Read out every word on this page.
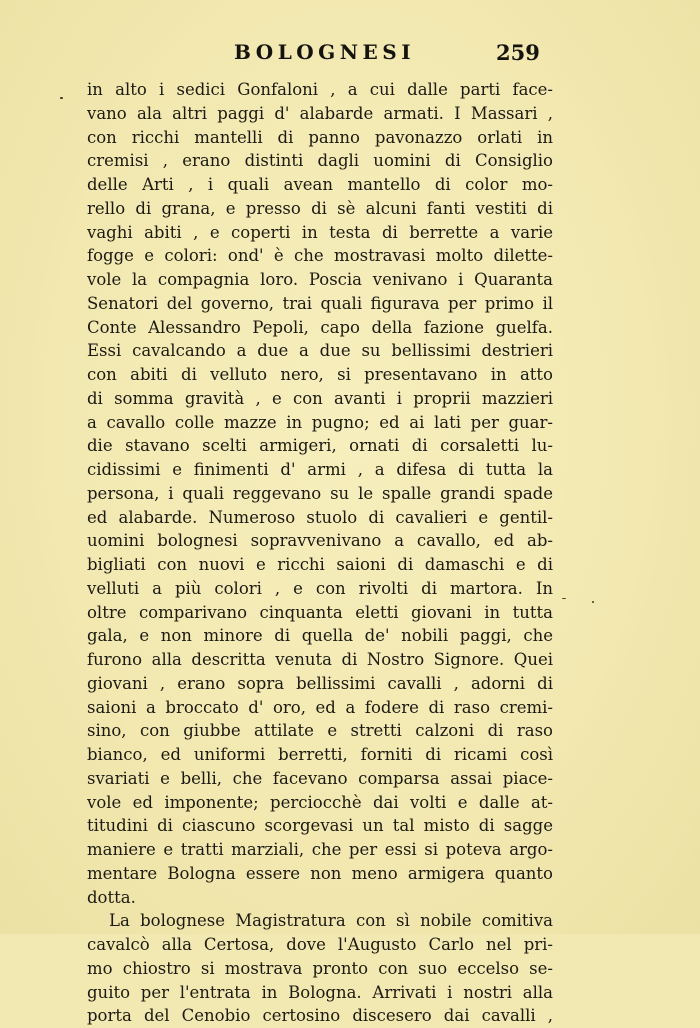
BOLOGNESI	259
in alto i sedici Gonfaloni , a cui dalle parti face-
vano ala altri paggi d' alabarde armati. I Massari ,
con ricchi mantelli di panno pavonazzo orlati in
cremisi , erano distinti dagli uomini di Consiglio
delle Arti , i quali avean mantello di color mo-
rello di grana, e presso di sè alcuni fanti vestiti di
vaghi abiti , e coperti in testa di berrette a varie
fogge e colori: ond' è che mostravasi molto dilette-
vole la compagnia loro. Poscia venivano i Quaranta
Senatori del governo, trai quali figurava per primo il
Conte Alessandro Pepoli, capo della fazione guelfa.
Essi cavalcando a due a due su bellissimi destrieri
con abiti di velluto nero, si presentavano in atto
di somma gravità , e con avanti i proprii mazzieri
a cavallo colle mazze in pugno; ed ai lati per guar-
die stavano scelti armigeri, ornati di corsaletti lu-
cidissimi e finimenti d' armi , a difesa di tutta la
persona, i quali reggevano su le spalle grandi spade
ed alabarde. Numeroso stuolo di cavalieri e gentil-
uomini bolognesi sopravvenivano a cavallo, ed ab-
bigliati con nuovi e ricchi saioni di damaschi e di
velluti a più colori , e con rivolti di martora. In
oltre comparivano cinquanta eletti giovani in tutta
gala, e non minore di quella de' nobili paggi, che
furono alla descritta venuta di Nostro Signore. Quei
giovani , erano sopra bellissimi cavalli , adorni di
saioni a broccato d' oro, ed a fodere di raso cremi-
sino, con giubbe attilate e stretti calzoni di raso
bianco, ed uniformi berretti, forniti di ricami così
svariati e belli, che facevano comparsa assai piace-
vole ed imponente; perciocchè dai volti e dalle at-
titudini di ciascuno scorgevasi un tal misto di sagge
maniere e tratti marziali, che per essi si poteva argo-
mentare Bologna essere non meno armigera quanto
dotta.
La bolognese Magistratura con sì nobile comitiva
cavalcò alla Certosa, dove l'Augusto Carlo nel pri-
mo chiostro si mostrava pronto con suo eccelso se-
guito per l'entrata in Bologna. Arrivati i nostri alla
porta del Cenobio certosino discesero dai cavalli ,
